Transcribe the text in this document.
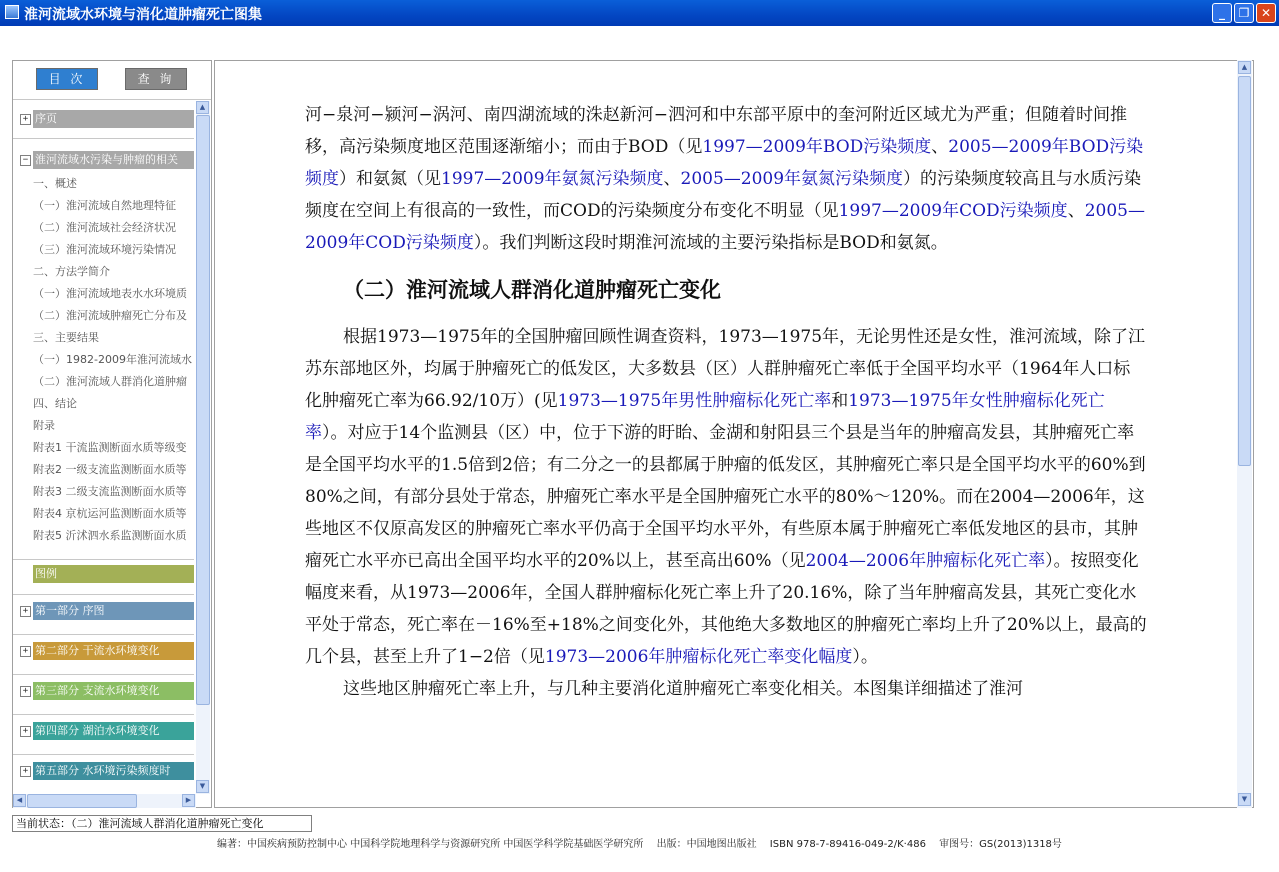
淮河流域水环境与消化道肿瘤死亡图集	_	❐ ✕
目 次	查 询
+ 序页
− 淮河流域水污染与肿瘤的相关
图例
+ 第一部分 序图
+ 第二部分 干流水环境变化
+ 第三部分 支流水环境变化
+ 第四部分 湖泊水环境变化
+ 第五部分 水环境污染频度时
一、概述
（一）淮河流域自然地理特征
（二）淮河流域社会经济状况
（三）淮河流域环境污染情况
二、方法学简介
（一）淮河流域地表水水环境质
（二）淮河流域肿瘤死亡分布及
三、主要结果
（一）1982-2009年淮河流域水
（二）淮河流域人群消化道肿瘤
四、结论
附录
附表1 干流监测断面水质等级变
附表2 一级支流监测断面水质等
附表3 二级支流监测断面水质等
附表4 京杭运河监测断面水质等
附表5 沂沭泗水系监测断面水质
▲
▼
◀	▶

河−泉河−颍河−涡河、南四湖流域的洙赵新河−泗河和中东部平原中的奎河附近区域尤为严重；但随着时间推移，高污染频度地区范围逐渐缩小；而由于BOD（见1997—2009年BOD污染频度、2005—2009年BOD污染频度）和氨氮（见1997—2009年氨氮污染频度、2005—2009年氨氮污染频度）的污染频度较高且与水质污染频度在空间上有很高的一致性，而COD的污染频度分布变化不明显（见1997—2009年COD污染频度、2005—2009年COD污染频度）。我们判断这段时期淮河流域的主要污染指标是BOD和氨氮。

（二）淮河流域人群消化道肿瘤死亡变化

根据1973—1975年的全国肿瘤回顾性调查资料，1973—1975年，无论男性还是女性，淮河流域，除了江苏东部地区外，均属于肿瘤死亡的低发区，大多数县（区）人群肿瘤死亡率低于全国平均水平（1964年人口标化肿瘤死亡率为66.92/10万）(见1973—1975年男性肿瘤标化死亡率和1973—1975年女性肿瘤标化死亡率）。对应于14个监测县（区）中，位于下游的盱眙、金湖和射阳县三个县是当年的肿瘤高发县，其肿瘤死亡率是全国平均水平的1.5倍到2倍；有二分之一的县都属于肿瘤的低发区，其肿瘤死亡率只是全国平均水平的60%到80%之间，有部分县处于常态，肿瘤死亡率水平是全国肿瘤死亡水平的80%～120%。而在2004—2006年，这些地区不仅原高发区的肿瘤死亡率水平仍高于全国平均水平外，有些原本属于肿瘤死亡率低发地区的县市，其肿瘤死亡水平亦已高出全国平均水平的20%以上，甚至高出60%（见2004—2006年肿瘤标化死亡率）。按照变化幅度来看，从1973—2006年，全国人群肿瘤标化死亡率上升了20.16%，除了当年肿瘤高发县，其死亡变化水平处于常态，死亡率在－16%至+18%之间变化外，其他绝大多数地区的肿瘤死亡率均上升了20%以上，最高的几个县，甚至上升了1−2倍（见1973—2006年肿瘤标化死亡率变化幅度）。

这些地区肿瘤死亡率上升，与几种主要消化道肿瘤死亡率变化相关。本图集详细描述了淮河

▲
▼
当前状态：（二）淮河流域人群消化道肿瘤死亡变化
编著：中国疾病预防控制中心 中国科学院地理科学与资源研究所 中国医学科学院基础医学研究所 出版：中国地图出版社 ISBN 978-7-89416-049-2/K·486 审图号：GS(2013)1318号
